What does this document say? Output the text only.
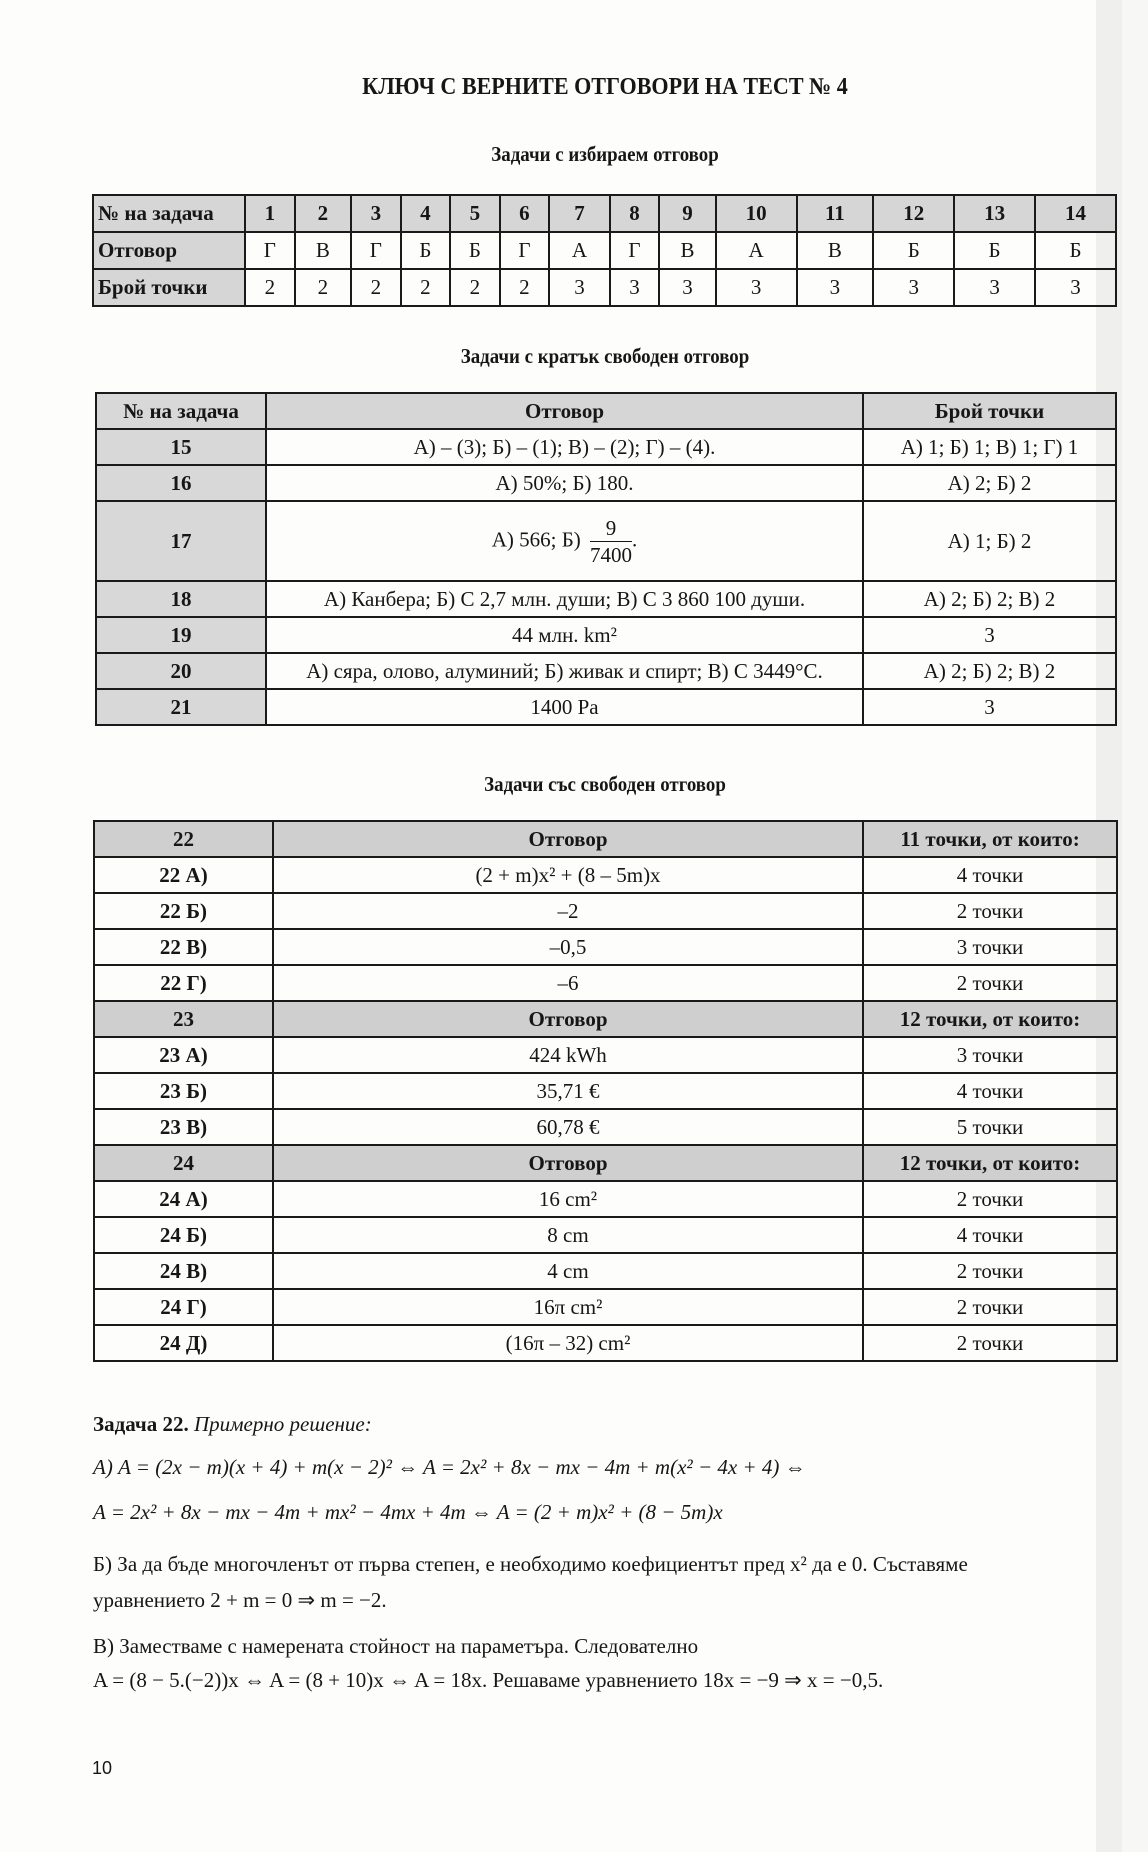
КЛЮЧ С ВЕРНИТЕ ОТГОВОРИ НА ТЕСТ № 4
Задачи с избираем отговор
№ на задача	1	2	3	4	5	6	7	8	9	10	11	12	13	14
Отговор	Г	В	Г	Б	Б	Г	А	Г	В	А	В	Б	Б	Б
Брой точки	2	2	2	2	2	2	3	3	3	3	3	3	3	3
Задачи с кратък свободен отговор
№ на задача	Отговор	Брой точки
15	А) – (3); Б) – (1); В) – (2); Г) – (4).	А) 1; Б) 1; В) 1; Г) 1
16	А) 50%; Б) 180.	А) 2; Б) 2
17	А) 566; $Б) \frac{9}{7400}$ .	А) 1; Б) 2
18	А) Канбера; Б) С 2,7 млн. души; В) С 3 860 100 души.	А) 2; Б) 2; В) 2
19	44 млн. km²	3
20	А) сяра, олово, алуминий; Б) живак и спирт; В) С 3449°С.	А) 2; Б) 2; В) 2
21	1400 Pa	3
Задачи със свободен отговор
22	Отговор	11 точки, от които:
22 А)	(2 + m)x² + (8 – 5m)x	4 точки
22 Б)	–2	2 точки
22 В)	–0,5	3 точки
22 Г)	–6	2 точки
23	Отговор	12 точки, от които:
23 А)	424 kWh	3 точки
23 Б)	35,71 €	4 точки
23 В)	60,78 €	5 точки
24	Отговор	12 точки, от които:
24 А)	16 cm²	2 точки
24 Б)	8 cm	4 точки
24 В)	4 cm	2 точки
24 Г)	16π cm²	2 точки
24 Д)	(16π – 32) cm²	2 точки
Задача 22. Примерно решение:
А) A = (2x − m)(x + 4) + m(x − 2)² ⇔ A = 2x² + 8x − mx − 4m + m(x² − 4x + 4) ⇔
A = 2x² + 8x − mx − 4m + mx² − 4mx + 4m ⇔ A = (2 + m)x² + (8 − 5m)x
Б) За да бъде многочленът от първа степен, е необходимо коефициентът пред x² да е 0. Съставяме
уравнението 2 + m = 0 ⇒ m = −2.
В) Заместваме с намерената стойност на параметъра. Следователно
A = (8 − 5.(−2))x ⇔ A = (8 + 10)x ⇔ A = 18x. Решаваме уравнението 18x = −9 ⇒ x = −0,5.
10
